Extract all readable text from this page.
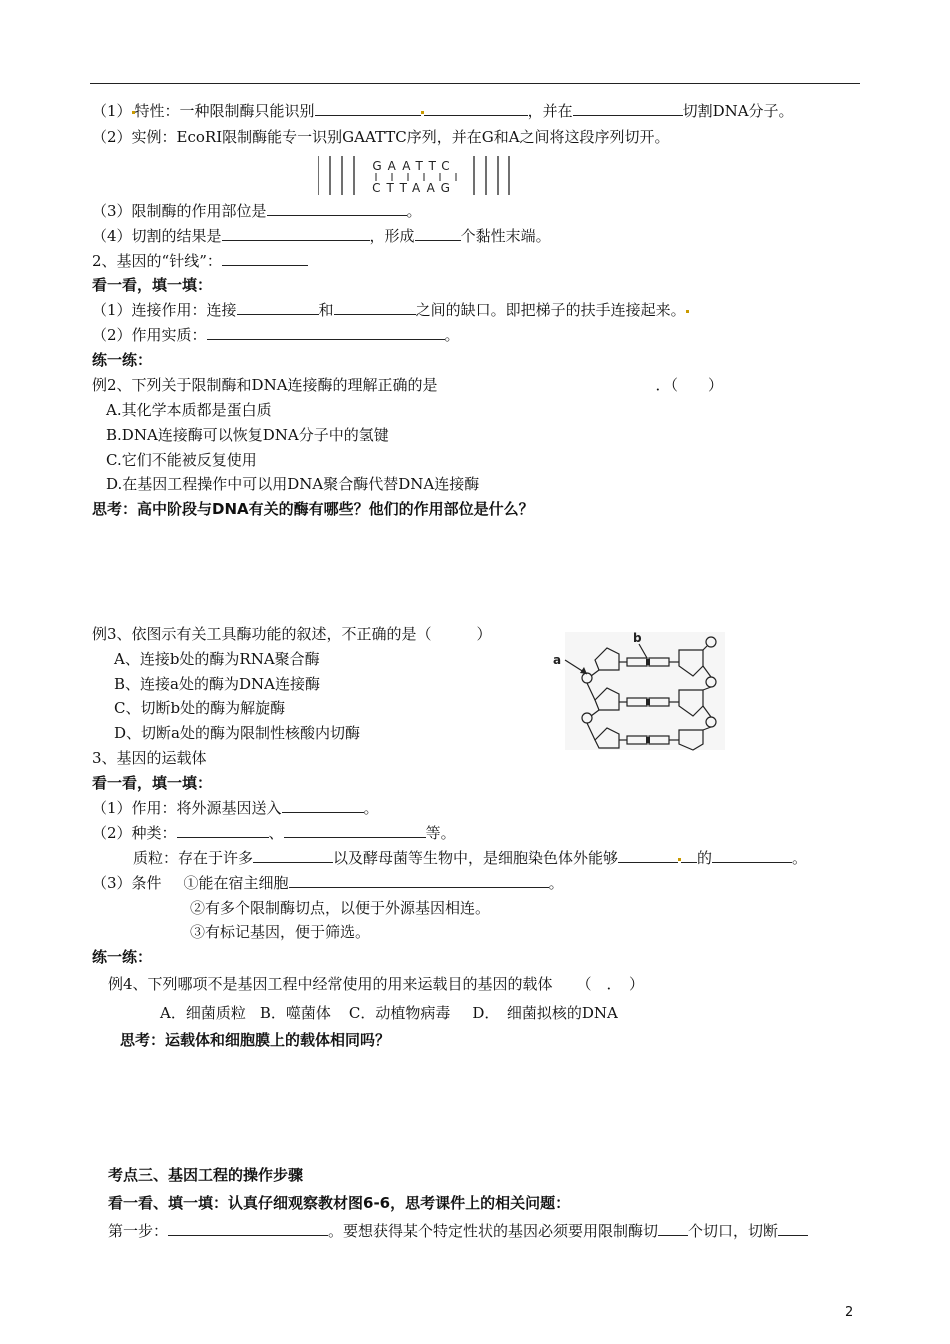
（1） 特性：一种限制酶只能识别	，并在	切割DNA分子。
（2）实例：EcoRI限制酶能专一识别GAATTC序列，并在G和A之间将这段序列切开。
GAATTC
CTTAAG
（3）限制酶的作用部位是	。
（4）切割的结果是	，形成	个黏性末端。
2、基因的“针线”：
看一看，填一填：
（1）连接作用：连接	和	之间的缺口。即把梯子的扶手连接起来。
（2）作用实质：	。
练一练：
例2、下列关于限制酶和DNA连接酶的理解正确的是	．（　　）
A.其化学本质都是蛋白质
B.DNA连接酶可以恢复DNA分子中的氢键
C.它们不能被反复使用
D.在基因工程操作中可以用DNA聚合酶代替DNA连接酶
思考：高中阶段与DNA有关的酶有哪些？他们的作用部位是什么？
例3、依图示有关工具酶功能的叙述，不正确的是（　　　）
A、连接b处的酶为RNA聚合酶
B、连接a处的酶为DNA连接酶
C、切断b处的酶为解旋酶
D、切断a处的酶为限制性核酸内切酶
b
a
3、基因的运载体
看一看，填一填：
（1）作用：将外源基因送入	。
（2）种类：	、	等。
质粒：存在于许多	以及酵母菌等生物中，是细胞染色体外能够	的	。
（3）条件 ①能在宿主细胞	。
②有多个限制酶切点，以便于外源基因相连。
③有标记基因，便于筛选。
练一练：
例4、下列哪项不是基因工程中经常使用的用来运载目的基因的载体 （　．　）
A．细菌质粒 B．噬菌体 C．动植物病毒 D．　细菌拟核的DNA
思考：运载体和细胞膜上的载体相同吗？
考点三、基因工程的操作步骤
看一看、填一填：认真仔细观察教材图6-6，思考课件上的相关问题：
第一步：	。要想获得某个特定性状的基因必须要用限制酶切 个切口，切断
2
